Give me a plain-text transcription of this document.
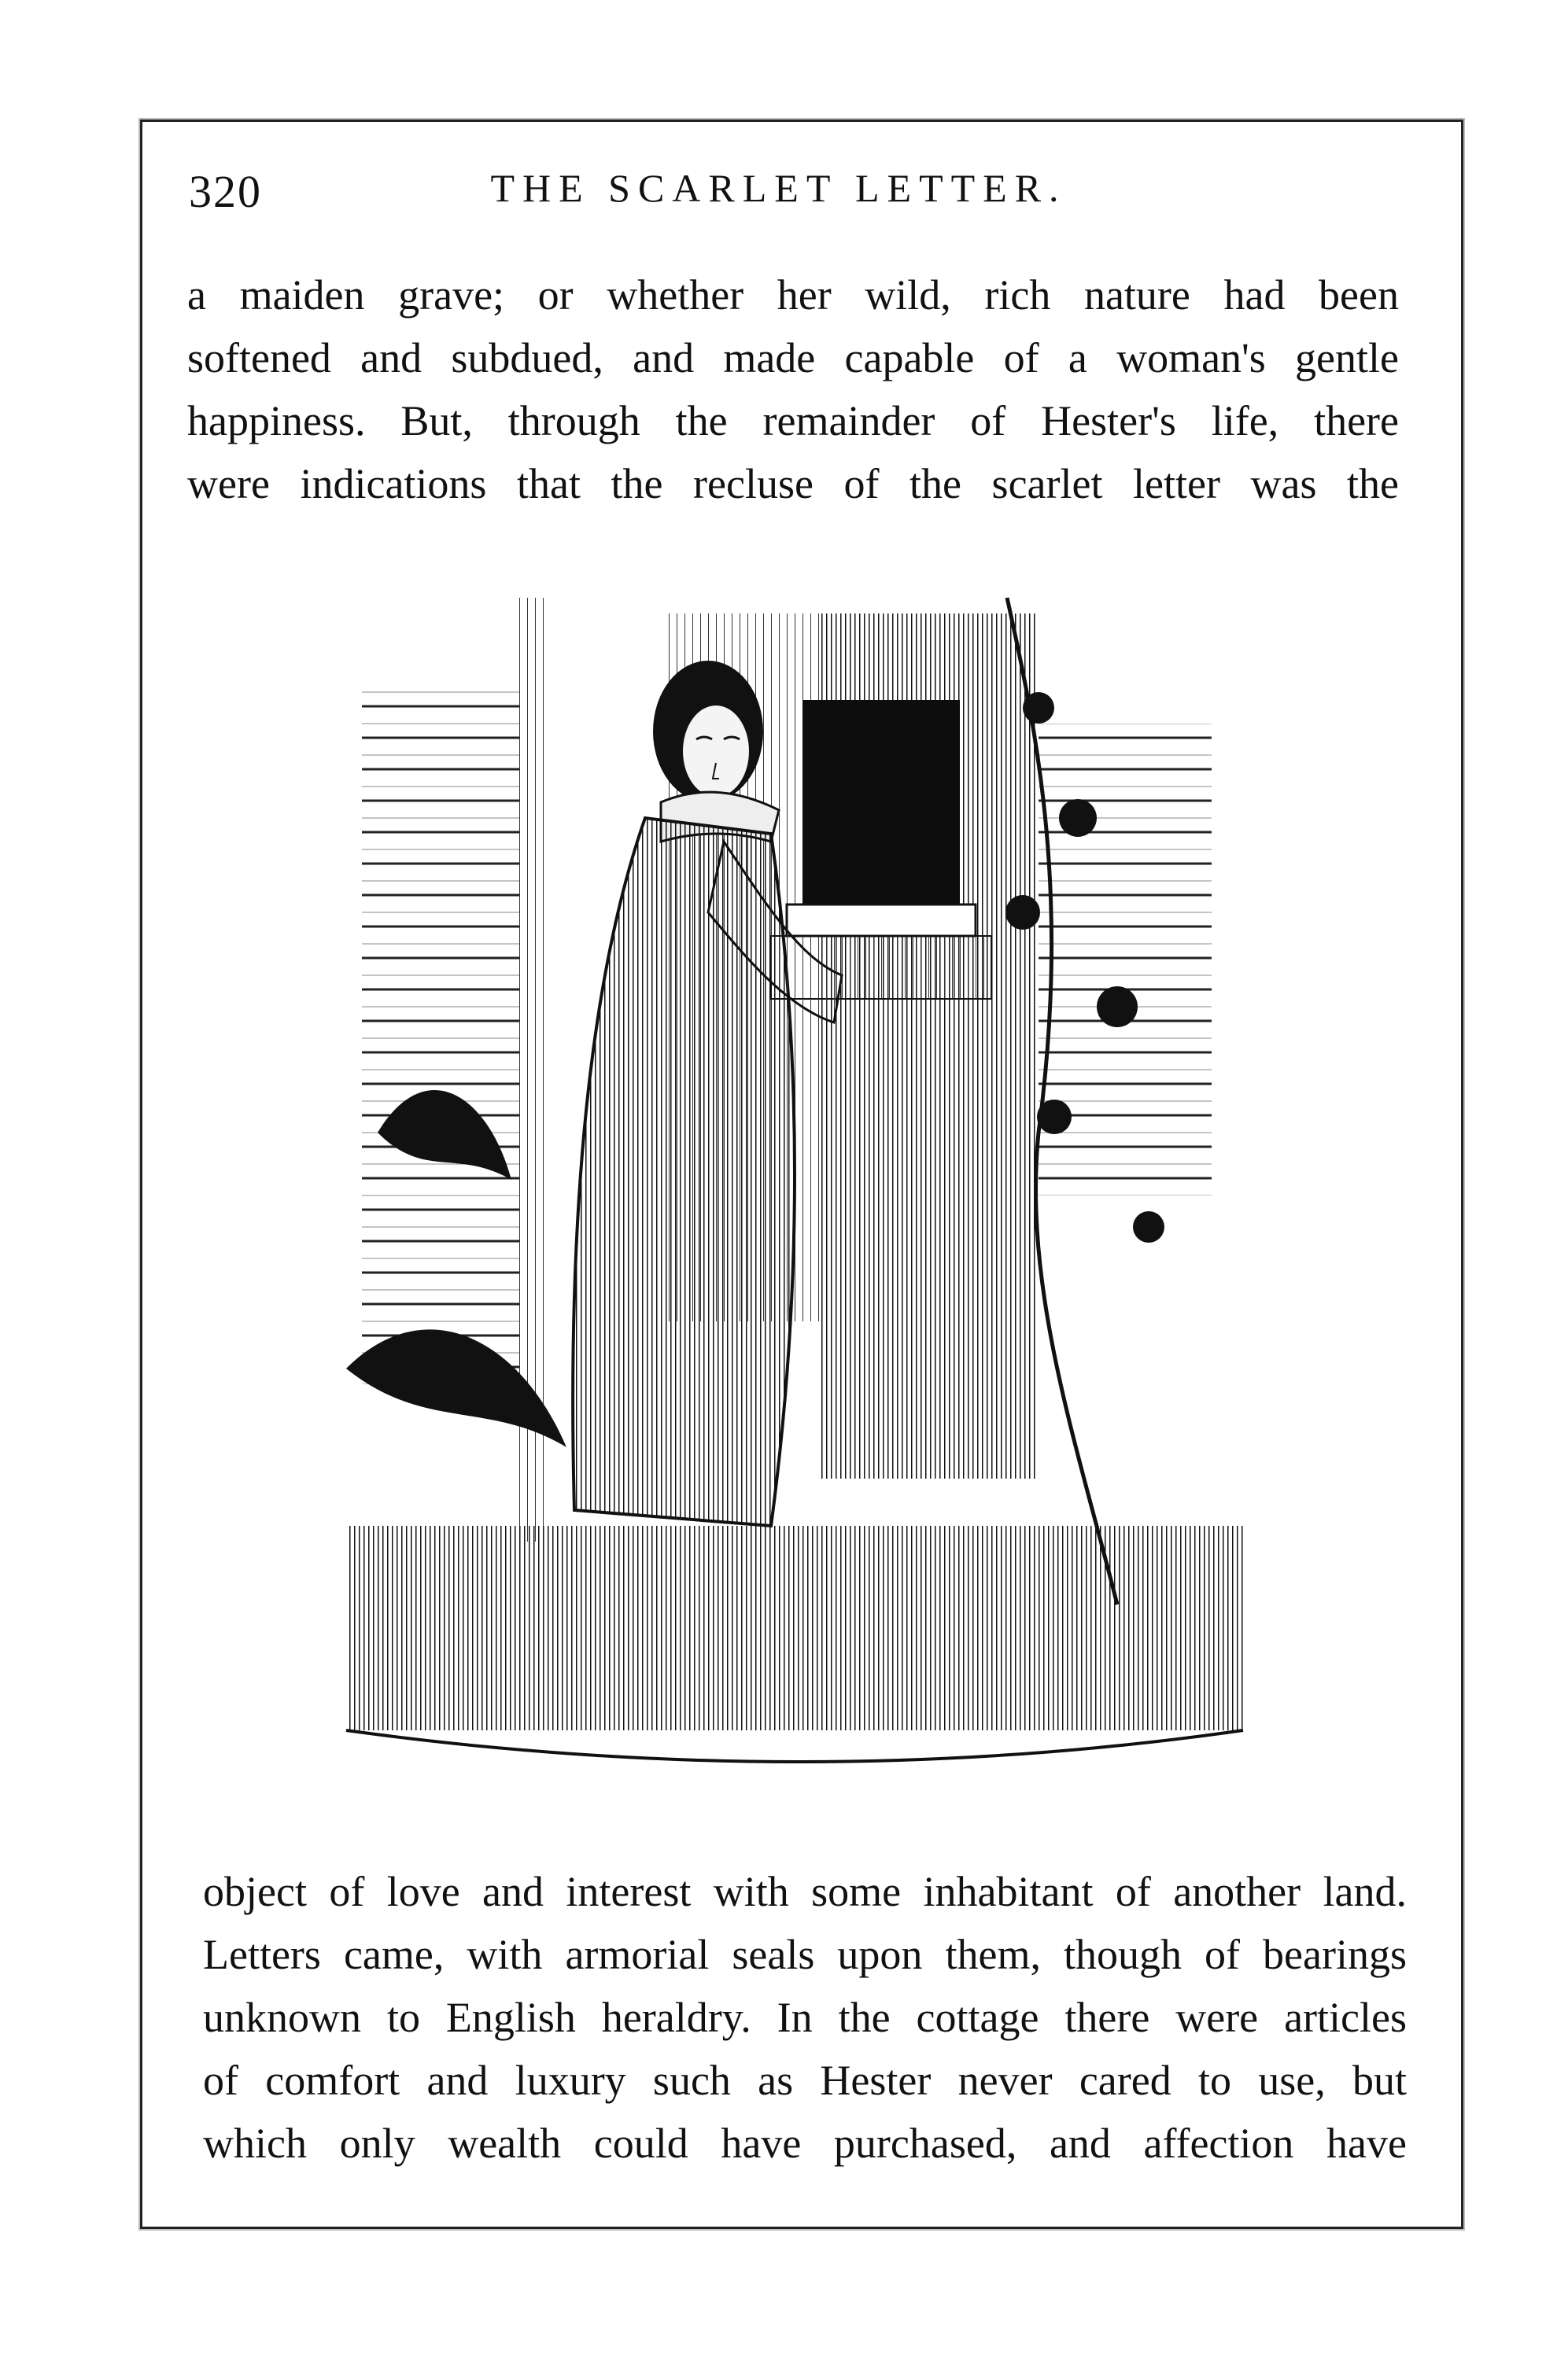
320	THE SCARLET LETTER.
a maiden grave; or whether her wild, rich nature had been
softened and subdued, and made capable of a woman's gentle
happiness. But, through the remainder of Hester's life, there
were indications that the recluse of the scarlet letter was the
object of love and interest with some inhabitant of another land.
Letters came, with armorial seals upon them, though of bearings
unknown to English heraldry. In the cottage there were articles
of comfort and luxury such as Hester never cared to use, but
which only wealth could have purchased, and affection have
